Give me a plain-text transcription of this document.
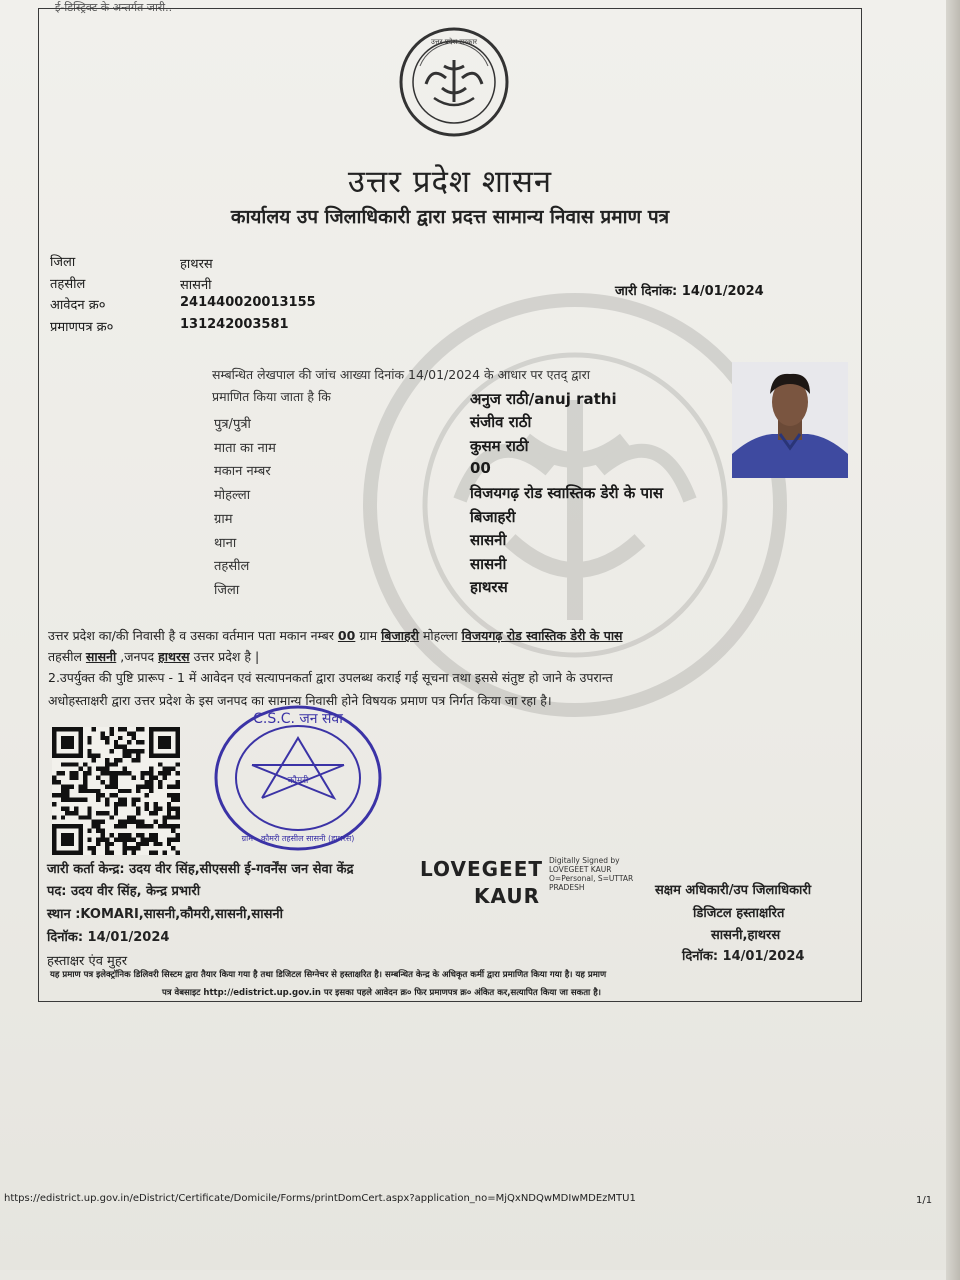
ई-डिस्ट्रिक्ट के अन्तर्गत जारी..
उत्तर प्रदेश सरकार
उत्तर प्रदेश शासन
कार्यालय उप जिलाधिकारी द्वारा प्रदत्त सामान्य निवास प्रमाण पत्र
जिला	हाथरस
तहसील	सासनी
आवेदन क्र०	241440020013155
प्रमाणपत्र क्र०	131242003581
जारी दिनांक: 14/01/2024
सम्बन्धित लेखपाल की जांच आख्या दिनांक 14/01/2024 के आधार पर एतद् द्वारा
प्रमाणित किया जाता है कि	अनुज राठी/anuj rathi
पुत्र/पुत्री	संजीव राठी
माता का नाम	कुसम राठी
मकान नम्बर	00
मोहल्ला	विजयगढ़ रोड स्वास्तिक डेरी के पास
ग्राम	बिजाहरी
थाना	सासनी
तहसील	सासनी
जिला	हाथरस
उत्तर प्रदेश का/की निवासी है व उसका वर्तमान पता मकान नम्बर 00 ग्राम बिजाहरी मोहल्ला विजयगढ़ रोड स्वास्तिक डेरी के पास
तहसील सासनी ,जनपद हाथरस उत्तर प्रदेश है |
2.उपर्युक्त की पुष्टि प्रारूप - 1 में आवेदन एवं सत्यापनकर्ता द्वारा उपलब्ध कराई गई सूचना तथा इससे संतुष्ट हो जाने के उपरान्त
अधोहस्ताक्षरी द्वारा उत्तर प्रदेश के इस जनपद का सामान्य निवासी होने विषयक प्रमाण पत्र निर्गत किया जा रहा है।
C.S.C. जन सेवा
कौमरी
ग्राम - कौमरी तहसील सासनी (हाथरस)
जारी कर्ता केन्द्र: उदय वीर सिंह,सीएससी ई-गवर्नेंस जन सेवा केंद्र
पद: उदय वीर सिंह, केन्द्र प्रभारी
स्थान :KOMARI,सासनी,कौमरी,सासनी,सासनी
दिनॉक: 14/01/2024
हस्ताक्षर एंव मुहर
LOVEGEET
KAUR
Digitally Signed by
LOVEGEET KAUR
O=Personal, S=UTTAR
PRADESH	सक्षम अधिकारी/उप जिलाधिकारी
डिजिटल हस्ताक्षरित
सासनी,हाथरस
दिनॉक: 14/01/2024
यह प्रमाण पत्र इलेक्ट्रॉनिक डिलिवरी सिस्टम द्वारा तैयार किया गया है तथा डिजिटल सिग्नेचर से हस्ताक्षरित है। सम्बन्धित केन्द्र के अधिकृत कर्मी द्वारा प्रमाणित किया गया है। यह प्रमाण
पत्र वेबसाइट http://edistrict.up.gov.in पर इसका पहले आवेदन क्र० फिर प्रमाणपत्र क्र० अंकित कर,सत्यापित किया जा सकता है।
https://edistrict.up.gov.in/eDistrict/Certificate/Domicile/Forms/printDomCert.aspx?application_no=MjQxNDQwMDIwMDEzMTU1	1/1
